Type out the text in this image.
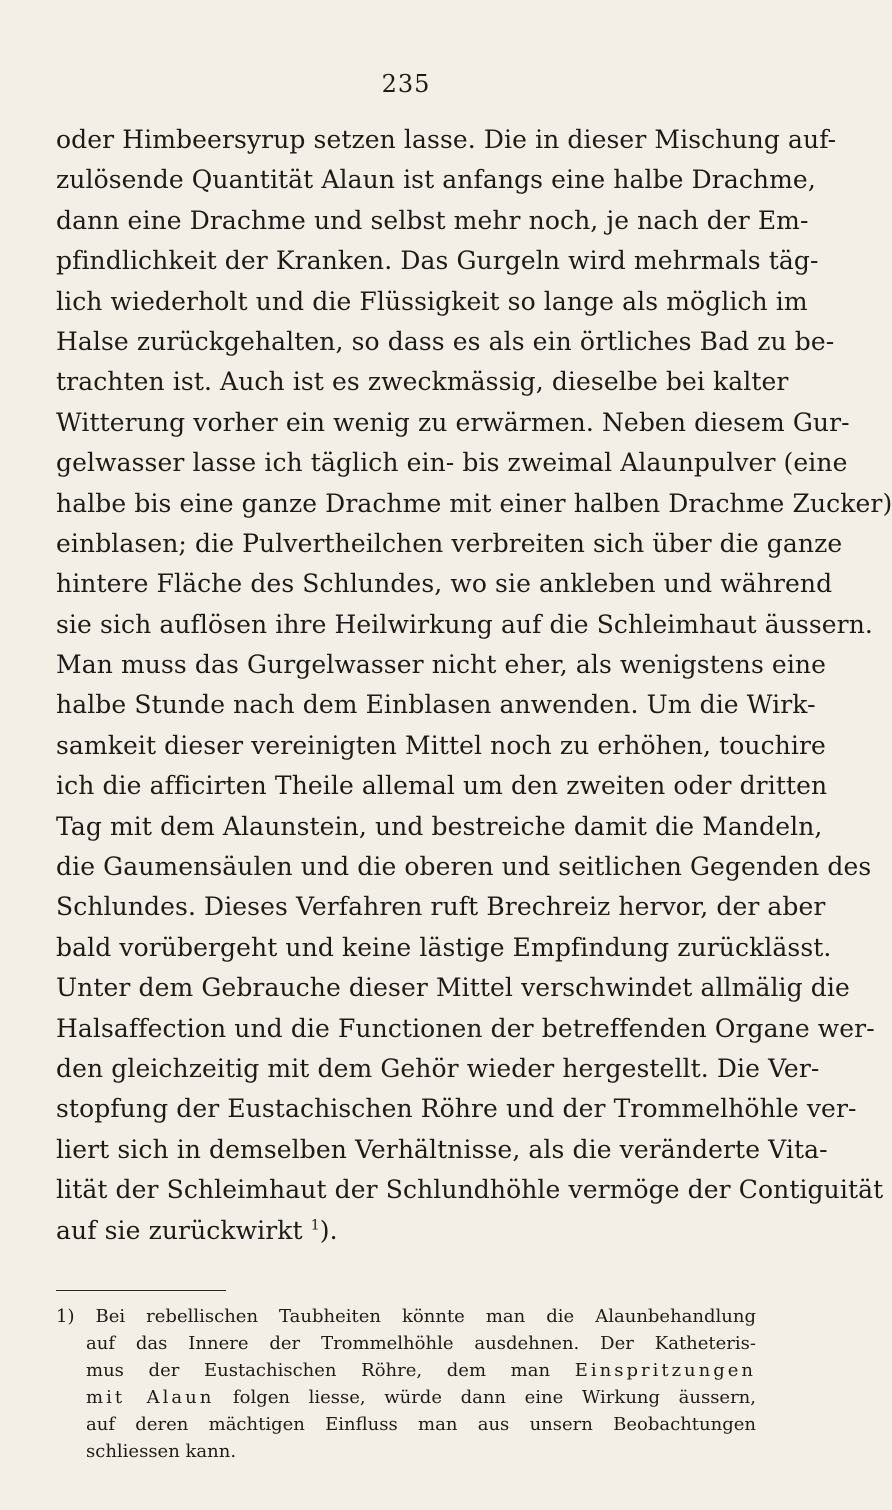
235
oder Himbeersyrup setzen lasse. Die in dieser Mischung auf-
zulösende Quantität Alaun ist anfangs eine halbe Drachme,
dann eine Drachme und selbst mehr noch, je nach der Em-
pfindlichkeit der Kranken. Das Gurgeln wird mehrmals täg-
lich wiederholt und die Flüssigkeit so lange als möglich im
Halse zurückgehalten, so dass es als ein örtliches Bad zu be-
trachten ist. Auch ist es zweckmässig, dieselbe bei kalter
Witterung vorher ein wenig zu erwärmen. Neben diesem Gur-
gelwasser lasse ich täglich ein- bis zweimal Alaunpulver (eine
halbe bis eine ganze Drachme mit einer halben Drachme Zucker)
einblasen; die Pulvertheilchen verbreiten sich über die ganze
hintere Fläche des Schlundes, wo sie ankleben und während
sie sich auflösen ihre Heilwirkung auf die Schleimhaut äussern.
Man muss das Gurgelwasser nicht eher, als wenigstens eine
halbe Stunde nach dem Einblasen anwenden. Um die Wirk-
samkeit dieser vereinigten Mittel noch zu erhöhen, touchire
ich die afficirten Theile allemal um den zweiten oder dritten
Tag mit dem Alaunstein, und bestreiche damit die Mandeln,
die Gaumensäulen und die oberen und seitlichen Gegenden des
Schlundes. Dieses Verfahren ruft Brechreiz hervor, der aber
bald vorübergeht und keine lästige Empfindung zurücklässt.
Unter dem Gebrauche dieser Mittel verschwindet allmälig die
Halsaffection und die Functionen der betreffenden Organe wer-
den gleichzeitig mit dem Gehör wieder hergestellt. Die Ver-
stopfung der Eustachischen Röhre und der Trommelhöhle ver-
liert sich in demselben Verhältnisse, als die veränderte Vita-
lität der Schleimhaut der Schlundhöhle vermöge der Contiguität
auf sie zurückwirkt $^1$).
1) Bei rebellischen Taubheiten könnte man die Alaunbehandlung
auf das Innere der Trommelhöhle ausdehnen. Der Katheteris-
mus der Eustachischen Röhre, dem man Einspritzungen
mit Alaun folgen liesse, würde dann eine Wirkung äussern,
auf deren mächtigen Einfluss man aus unsern Beobachtungen
schliessen kann.
